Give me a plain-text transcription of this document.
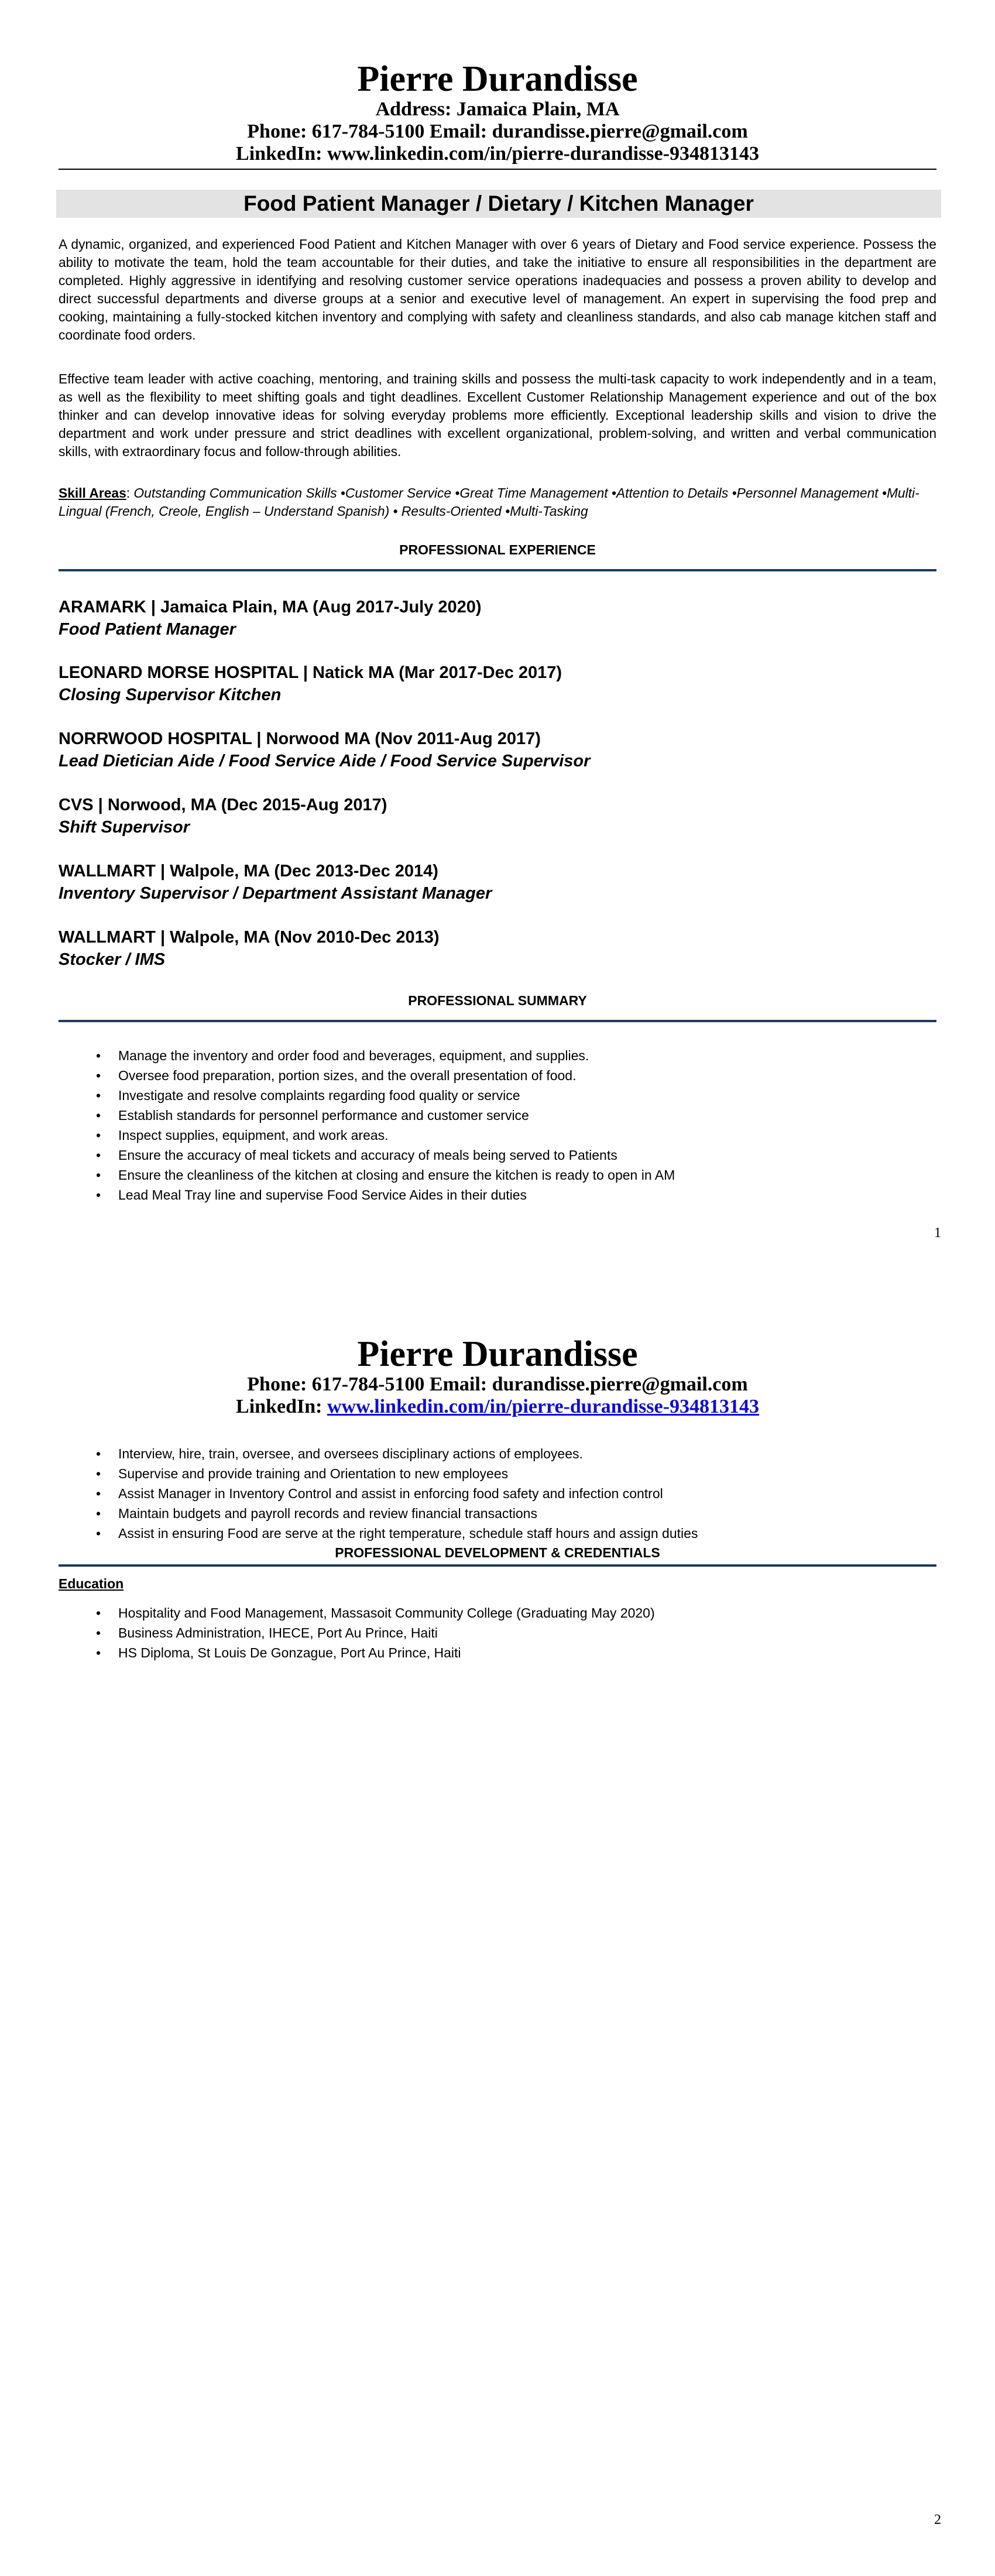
Pierre Durandisse
Address: Jamaica Plain, MA
Phone: 617-784-5100 Email: durandisse.pierre@gmail.com
LinkedIn: www.linkedin.com/in/pierre-durandisse-934813143
Food Patient Manager / Dietary / Kitchen Manager
A dynamic, organized, and experienced Food Patient and Kitchen Manager with over 6 years of Dietary and Food service experience. Possess the ability to motivate the team, hold the team accountable for their duties, and take the initiative to ensure all responsibilities in the department are completed. Highly aggressive in identifying and resolving customer service operations inadequacies and possess a proven ability to develop and direct successful departments and diverse groups at a senior and executive level of management. An expert in supervising the food prep and cooking, maintaining a fully-stocked kitchen inventory and complying with safety and cleanliness standards, and also cab manage kitchen staff and coordinate food orders.
Effective team leader with active coaching, mentoring, and training skills and possess the multi-task capacity to work independently and in a team, as well as the flexibility to meet shifting goals and tight deadlines. Excellent Customer Relationship Management experience and out of the box thinker and can develop innovative ideas for solving everyday problems more efficiently. Exceptional leadership skills and vision to drive the department and work under pressure and strict deadlines with excellent organizational, problem-solving, and written and verbal communication skills, with extraordinary focus and follow-through abilities.
Skill Areas: Outstanding Communication Skills •Customer Service •Great Time Management •Attention to Details •Personnel Management •Multi-Lingual (French, Creole, English – Understand Spanish) • Results-Oriented •Multi-Tasking
PROFESSIONAL EXPERIENCE
ARAMARK | Jamaica Plain, MA (Aug 2017-July 2020)
Food Patient Manager
LEONARD MORSE HOSPITAL | Natick MA (Mar 2017-Dec 2017)
Closing Supervisor Kitchen
NORRWOOD HOSPITAL | Norwood MA (Nov 2011-Aug 2017)
Lead Dietician Aide / Food Service Aide / Food Service Supervisor
CVS | Norwood, MA (Dec 2015-Aug 2017)
Shift Supervisor
WALLMART | Walpole, MA (Dec 2013-Dec 2014)
Inventory Supervisor / Department Assistant Manager
WALLMART | Walpole, MA (Nov 2010-Dec 2013)
Stocker / IMS
PROFESSIONAL SUMMARY
• Manage the inventory and order food and beverages, equipment, and supplies.
• Oversee food preparation, portion sizes, and the overall presentation of food.
• Investigate and resolve complaints regarding food quality or service
• Establish standards for personnel performance and customer service
• Inspect supplies, equipment, and work areas.
• Ensure the accuracy of meal tickets and accuracy of meals being served to Patients
• Ensure the cleanliness of the kitchen at closing and ensure the kitchen is ready to open in AM
• Lead Meal Tray line and supervise Food Service Aides in their duties
1
Pierre Durandisse
Phone: 617-784-5100 Email: durandisse.pierre@gmail.com
LinkedIn: www.linkedin.com/in/pierre-durandisse-934813143
• Interview, hire, train, oversee, and oversees disciplinary actions of employees.
• Supervise and provide training and Orientation to new employees
• Assist Manager in Inventory Control and assist in enforcing food safety and infection control
• Maintain budgets and payroll records and review financial transactions
• Assist in ensuring Food are serve at the right temperature, schedule staff hours and assign duties
PROFESSIONAL DEVELOPMENT & CREDENTIALS
Education
• Hospitality and Food Management, Massasoit Community College (Graduating May 2020)
• Business Administration, IHECE, Port Au Prince, Haiti
• HS Diploma, St Louis De Gonzague, Port Au Prince, Haiti
2
